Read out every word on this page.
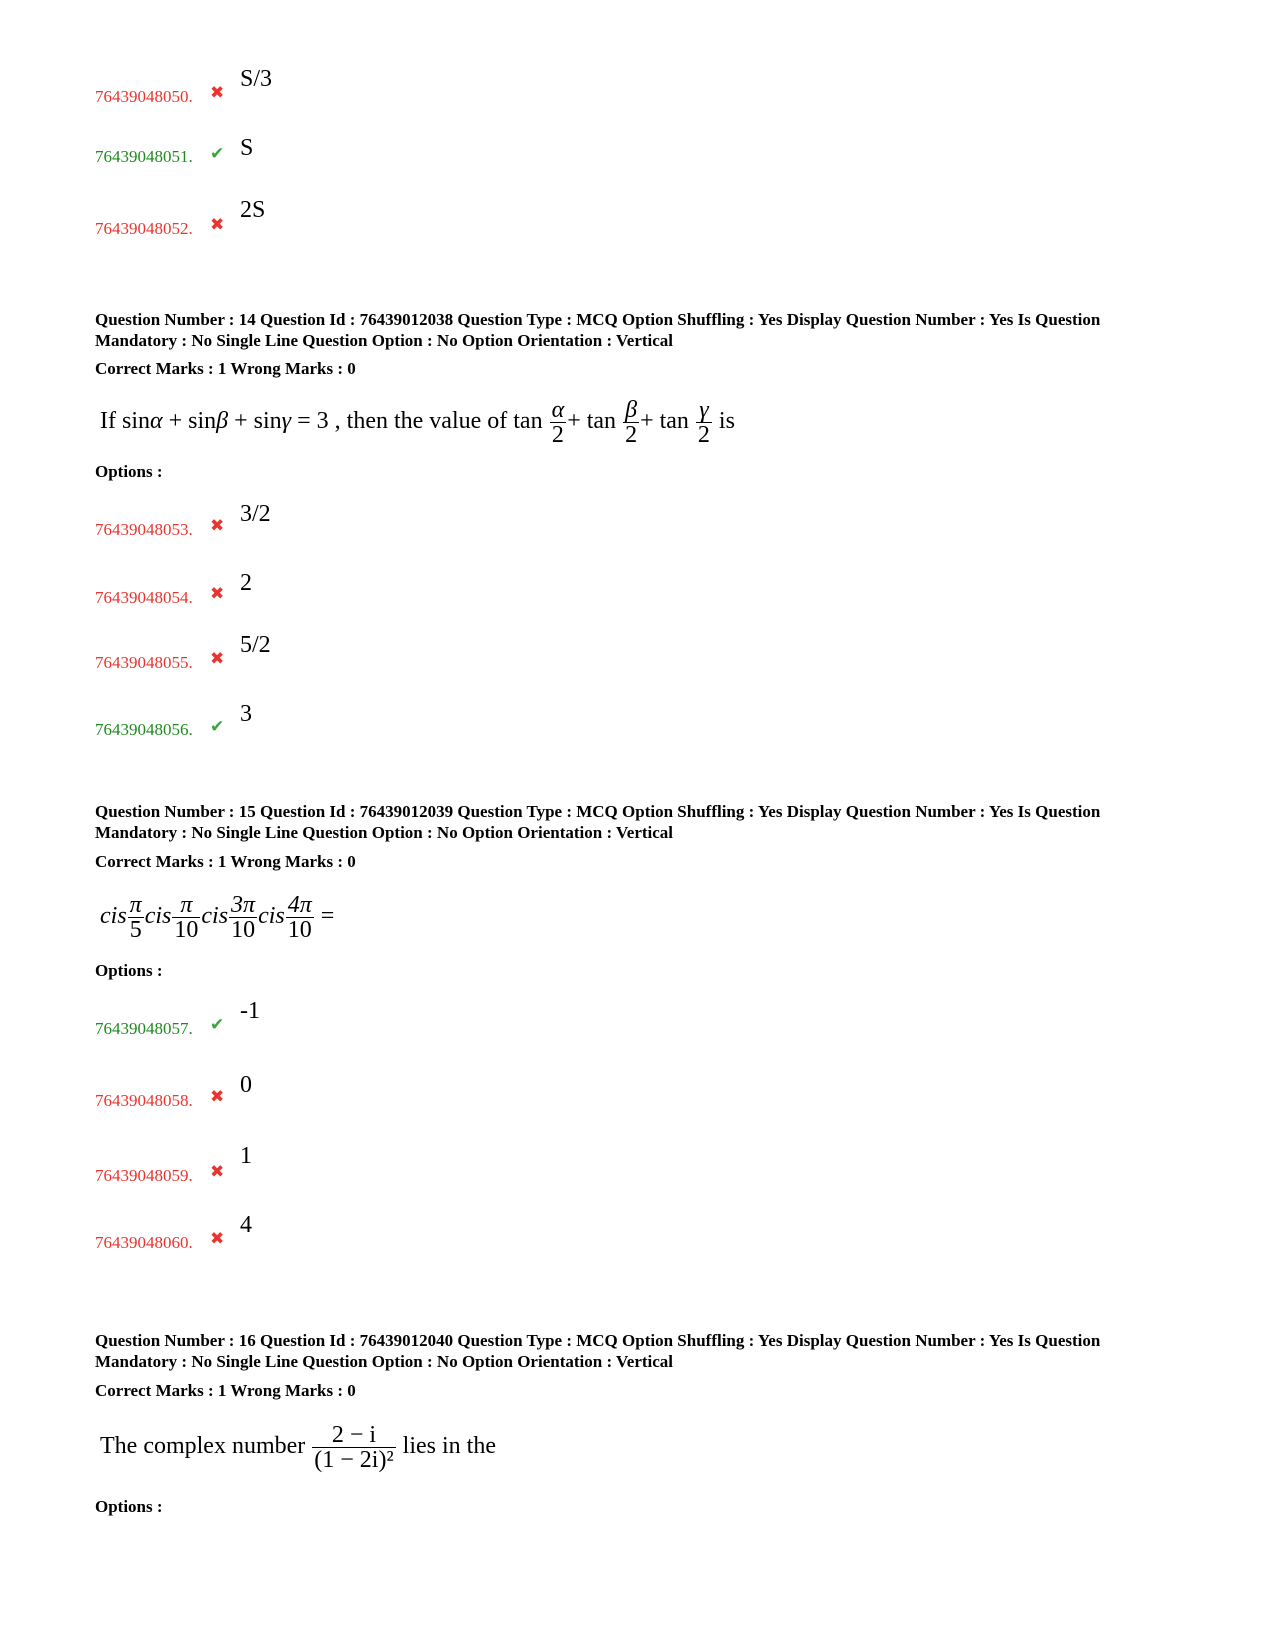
76439048050. ✖
S/3
76439048051. ✔ S
76439048052. ✖
2S
Question Number : 14 Question Id : 76439012038 Question Type : MCQ Option Shuffling : Yes Display Question Number : Yes Is Question Mandatory : No Single Line Question Option : No Option Orientation : Vertical
Correct Marks : 1 Wrong Marks : 0
If sinα + sinβ + sinγ = 3 , then the value of $\tan \frac{\alpha}{2} + \tan \frac{\beta}{2} + \tan \frac{\gamma}{2}$ is
Options :
76439048053. ✖ 3/2
76439048054. ✖ 2
76439048055. ✖
5/2
76439048056. ✔ 3
Question Number : 15 Question Id : 76439012039 Question Type : MCQ Option Shuffling : Yes Display Question Number : Yes Is Question Mandatory : No Single Line Question Option : No Option Orientation : Vertical
Correct Marks : 1 Wrong Marks : 0
cis $\frac{\pi}{5}$ cis $\frac{\pi}{10}$ cis $\frac{3\pi}{10}$ cis $\frac{4\pi}{10}$ =
Options :
76439048057. ✔
-1
76439048058. ✖ 0
76439048059. ✖
1
76439048060. ✖
4
Question Number : 16 Question Id : 76439012040 Question Type : MCQ Option Shuffling : Yes Display Question Number : Yes Is Question Mandatory : No Single Line Question Option : No Option Orientation : Vertical
Correct Marks : 1 Wrong Marks : 0
The complex number $\frac{2 - i}{\text{(1 − 2i)²}}$ lies in the
Options :
